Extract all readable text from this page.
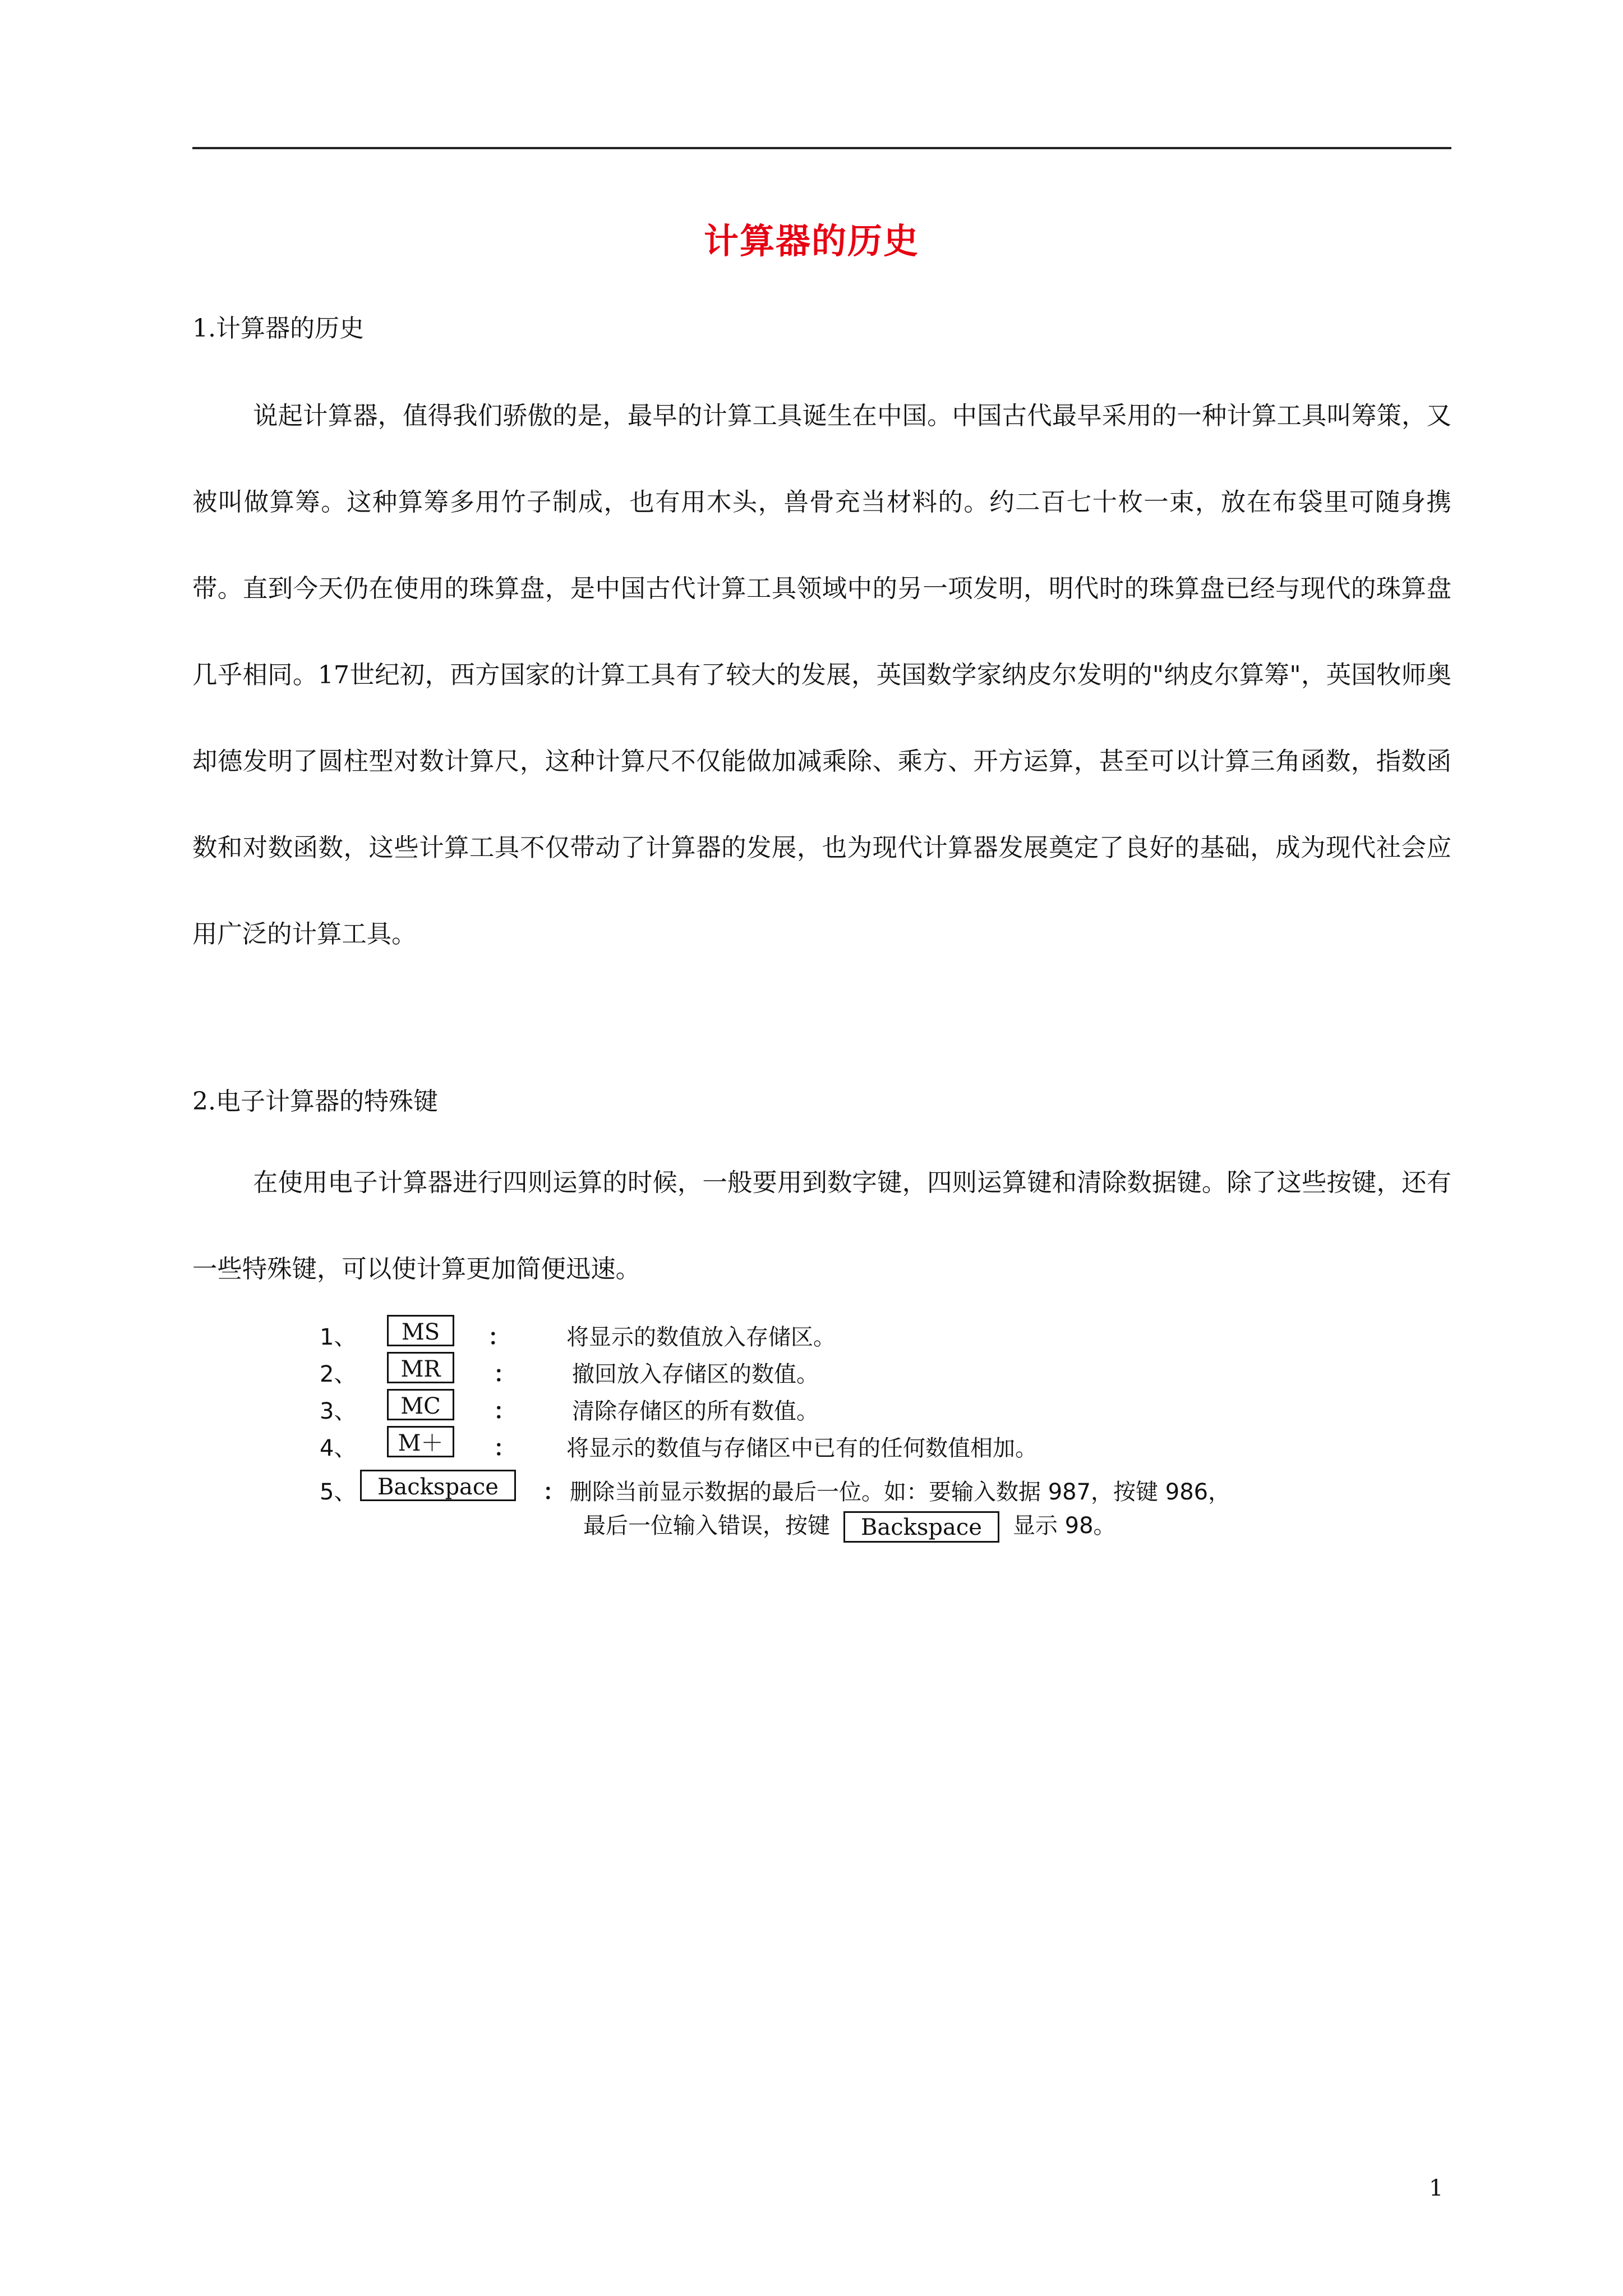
计算器的历史
1.计算器的历史

说起计算器，值得我们骄傲的是，最早的计算工具诞生在中国。中国古代最早采用的一种计算工具叫筹策，又被叫做算筹。这种算筹多用竹子制成，也有用木头，兽骨充当材料的。约二百七十枚一束，放在布袋里可随身携带。直到今天仍在使用的珠算盘，是中国古代计算工具领域中的另一项发明，明代时的珠算盘已经与现代的珠算盘几乎相同。17世纪初，西方国家的计算工具有了较大的发展，英国数学家纳皮尔发明的"纳皮尔算筹"，英国牧师奥却德发明了圆柱型对数计算尺，这种计算尺不仅能做加减乘除、乘方、开方运算，甚至可以计算三角函数，指数函数和对数函数，这些计算工具不仅带动了计算器的发展，也为现代计算器发展奠定了良好的基础，成为现代社会应用广泛的计算工具。

2.电子计算器的特殊键

在使用电子计算器进行四则运算的时候，一般要用到数字键，四则运算键和清除数据键。除了这些按键，还有一些特殊键，可以使计算更加简便迅速。

1、	MS	：	将显示的数值放入存储区。
2、	MR	：	撤回放入存储区的数值。
3、	MC	：	清除存储区的所有数值。
4、	M＋	： 将显示的数值与存储区中已有的任何数值相加。
5、 Backspace	： 删除当前显示数据的最后一位。如：要输入数据 987，按键 986，
最后一位输入错误，按键 Backspace 显示 98。
1
